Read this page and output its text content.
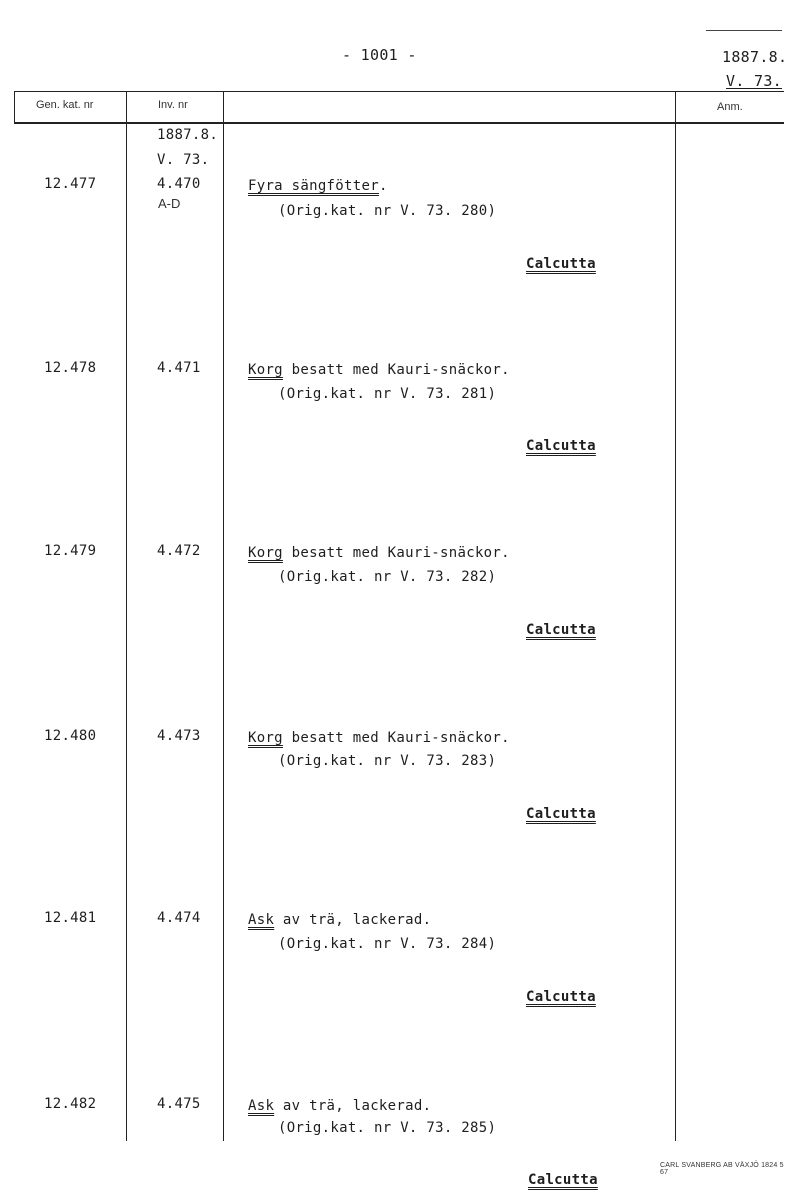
- 1001 -	1887.8.
V. 73.
Gen. kat. nr	Inv. nr	Anm.
1887.8.
V. 73.
12.477	4.470
A-D
Fyra sängfötter.
(Orig.kat. nr V. 73. 280)
Calcutta
12.478	4.471	Korg besatt med Kauri-snäckor.
(Orig.kat. nr V. 73. 281)
Calcutta
12.479	4.472	Korg besatt med Kauri-snäckor.
(Orig.kat. nr V. 73. 282)
Calcutta
12.480	4.473	Korg besatt med Kauri-snäckor.
(Orig.kat. nr V. 73. 283)
Calcutta
12.481	4.474	Ask av trä, lackerad.
(Orig.kat. nr V. 73. 284)
Calcutta
12.482	4.475	Ask av trä, lackerad.
(Orig.kat. nr V. 73. 285)
Calcutta
CARL SVANBERG AB VÄXJÖ 1824 5 67
